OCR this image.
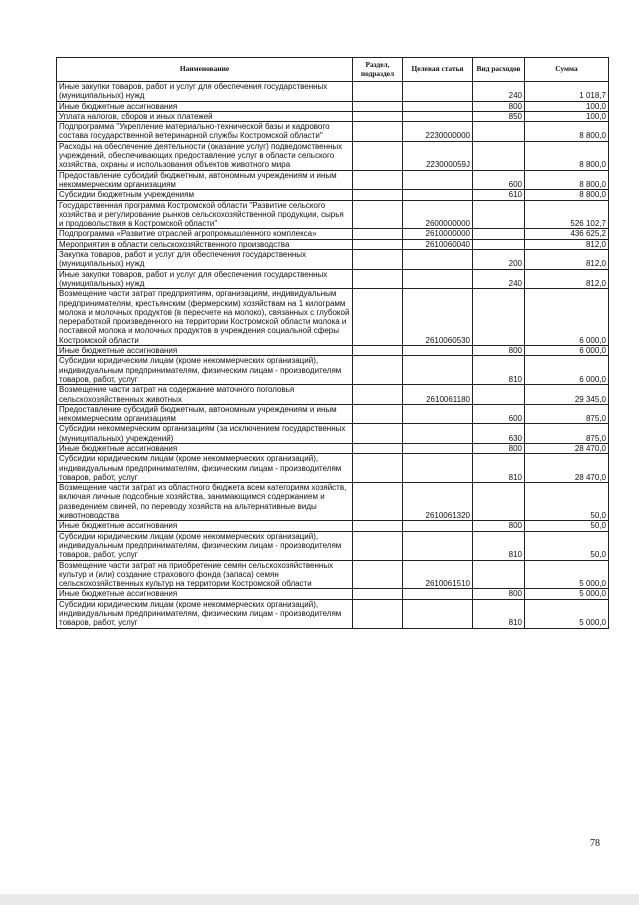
Наименование	Раздел, подраздел	Целевая статья	Вид расходов	Сумма
Иные закупки товаров, работ и услуг для обеспечения государственных (муниципальных) нужд			240	1 018,7
Иные бюджетные ассигнования			800	100,0
Уплата налогов, сборов и иных платежей			850	100,0
Подпрограмма "Укрепление материально-технической базы и кадрового состава государственной ветеринарной службы Костромской области"		2230000000		8 800,0
Расходы на обеспечение деятельности (оказание услуг) подведомственных учреждений, обеспечивающих предоставление услуг в области сельского хозяйства, охраны и использования объектов животного мира		223000059J		8 800,0
Предоставление субсидий бюджетным, автономным учреждениям и иным некоммерческим организациям			600	8 800,0
Субсидии бюджетным учреждениям			610	8 800,0
Государственная программа Костромской области "Развитие сельского хозяйства и регулирование рынков сельскохозяйственной продукции, сырья и продовольствия в Костромской области"		2600000000		526 102,7
Подпрограмма «Развитие отраслей агропромышленного комплекса»		2610000000		436 625,2
Мероприятия в области сельскохозяйственного производства		2610060040		812,0
Закупка товаров, работ и услуг для обеспечения государственных (муниципальных) нужд			200	812,0
Иные закупки товаров, работ и услуг для обеспечения государственных (муниципальных) нужд			240	812,0
Возмещение части затрат предприятиям, организациям, индивидуальным предпринимателям, крестьянским (фермерским) хозяйствам на 1 килограмм молока и молочных продуктов (в пересчете на молоко), связанных с глубокой переработкой произведенного на территории Костромской области молока и поставкой молока и молочных продуктов в учреждения социальной сферы Костромской области		2610060530		6 000,0
Иные бюджетные ассигнования			800	6 000,0
Субсидии юридическим лицам (кроме некоммерческих организаций), индивидуальным предпринимателям, физическим лицам - производителям товаров, работ, услуг			810	6 000,0
Возмещение части затрат на содержание маточного поголовья сельскохозяйственных животных		2610061180		29 345,0
Предоставление субсидий бюджетным, автономным учреждениям и иным некоммерческим организациям			600	875,0
Субсидии некоммерческим организациям (за исключением государственных (муниципальных) учреждений)			630	875,0
Иные бюджетные ассигнования			800	28 470,0
Субсидии юридическим лицам (кроме некоммерческих организаций), индивидуальным предпринимателям, физическим лицам - производителям товаров, работ, услуг			810	28 470,0
Возмещение части затрат из областного бюджета всем категориям хозяйств, включая личные подсобные хозяйства, занимающимся содержанием и разведением свиней, по переводу хозяйств на альтернативные виды животноводства		2610061320		50,0
Иные бюджетные ассигнования			800	50,0
Субсидии юридическим лицам (кроме некоммерческих организаций), индивидуальным предпринимателям, физическим лицам - производителям товаров, работ, услуг			810	50,0
Возмещение части затрат на приобретение семян сельскохозяйственных культур и (или) создание страхового фонда (запаса) семян сельскохозяйственных культур на территории Костромской области		2610061510		5 000,0
Иные бюджетные ассигнования			800	5 000,0
Субсидии юридическим лицам (кроме некоммерческих организаций), индивидуальным предпринимателям, физическим лицам - производителям товаров, работ, услуг			810	5 000,0
78
